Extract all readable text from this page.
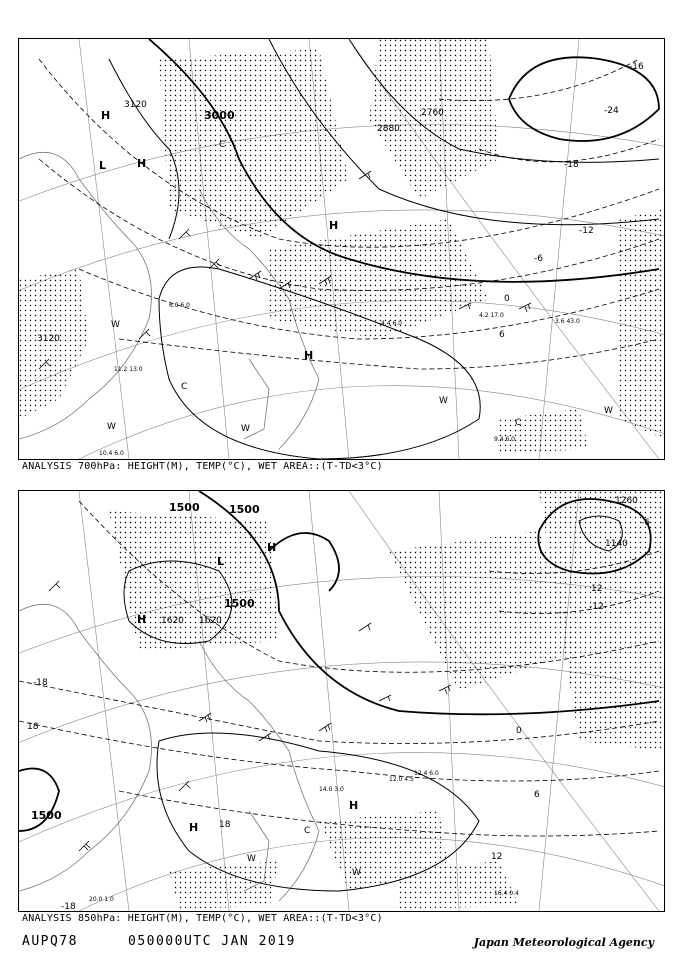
3120
3000
2880
2760
3120
-24
-18
-12
-6
0
6
-16
H
H
L
C
W
H
W
C
W
W
C
W
H
4.2 17.0
3.6 43.0
9.4 6.0
4.4 6.0
10.4 6.0
11.2 13.0
6.0 6.0
ANALYSIS 700hPa: HEIGHT(M), TEMP(°C), WET AREA::(T-TD<3°C)
1500	1500
1620 1620
1500
1260
1140
1500
-18
18
12
0
18
12
6
-18
-6
-12
H
L
H
H
C
W
W
H
12.0 4.5
14.0 3.0
16.4 0.4
20.0 1.0
12.4 6.0
ANALYSIS 850hPa: HEIGHT(M), TEMP(°C), WET AREA::(T-TD<3°C)
AUPQ78	050000UTC JAN 2019	Japan Meteorological Agency
